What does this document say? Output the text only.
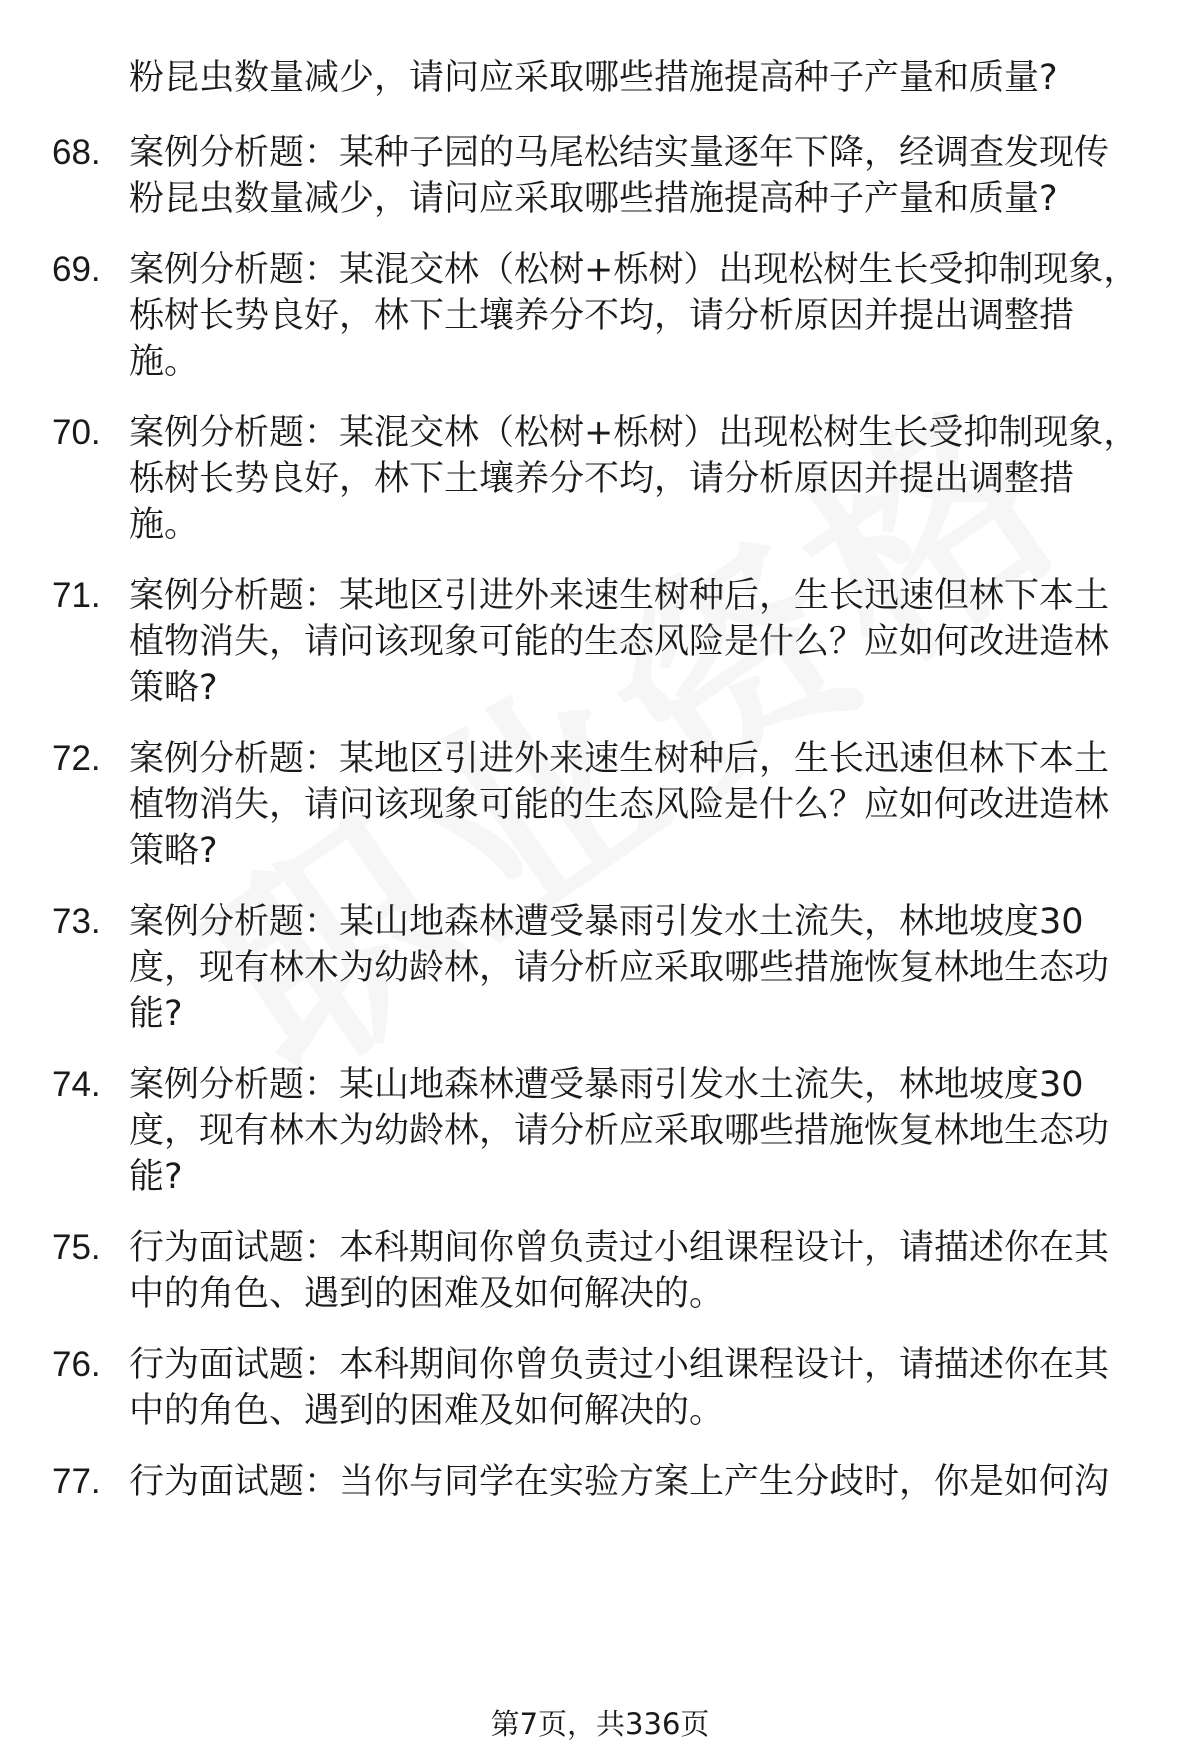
粉昆虫数量减少，请问应采取哪些措施提高种子产量和质量?
68. 案例分析题：某种子园的马尾松结实量逐年下降，经调查发现传粉昆虫数量减少，请问应采取哪些措施提高种子产量和质量?
69. 案例分析题：某混交林（松树+栎树）出现松树生长受抑制现象，栎树长势良好，林下土壤养分不均，请分析原因并提出调整措施。
70. 案例分析题：某混交林（松树+栎树）出现松树生长受抑制现象，栎树长势良好，林下土壤养分不均，请分析原因并提出调整措施。
71. 案例分析题：某地区引进外来速生树种后，生长迅速但林下本土植物消失，请问该现象可能的生态风险是什么？应如何改进造林策略?
72. 案例分析题：某地区引进外来速生树种后，生长迅速但林下本土植物消失，请问该现象可能的生态风险是什么？应如何改进造林策略?
73. 案例分析题：某山地森林遭受暴雨引发水土流失，林地坡度30度，现有林木为幼龄林，请分析应采取哪些措施恢复林地生态功能?
74. 案例分析题：某山地森林遭受暴雨引发水土流失，林地坡度30度，现有林木为幼龄林，请分析应采取哪些措施恢复林地生态功能?
75. 行为面试题：本科期间你曾负责过小组课程设计，请描述你在其中的角色、遇到的困难及如何解决的。
76. 行为面试题：本科期间你曾负责过小组课程设计，请描述你在其中的角色、遇到的困难及如何解决的。
77. 行为面试题：当你与同学在实验方案上产生分歧时，你是如何沟
第7页，共336页
